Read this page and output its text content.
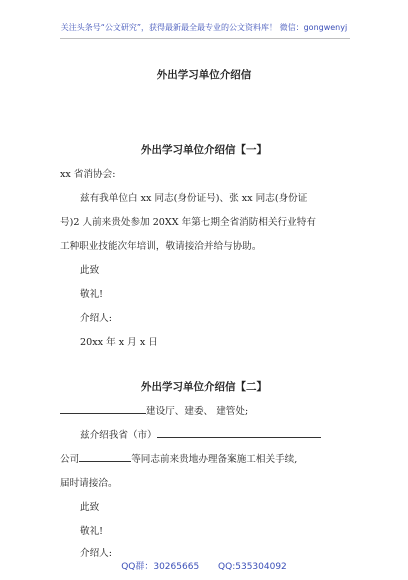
关注头条号“公文研究”，获得最新最全最专业的公文资料库！ 微信：gongwenyj
外出学习单位介绍信
外出学习单位介绍信【一】
xx 省消协会:
兹有我单位白 xx 同志(身份证号)、张 xx 同志(身份证
号)2 人前来贵处参加 20XX 年第七期全省消防相关行业特有
工种职业技能次年培训，敬请接洽并给与协助。
此致
敬礼!
介绍人:
20xx 年 x 月 x 日
外出学习单位介绍信【二】
建设厅、建委、 建管处;
兹介绍我省（市）
公司	等同志前来贵地办理备案施工相关手续,
届时请接洽。
此致
敬礼!
介绍人:
QQ群：30265665 QQ:535304092
